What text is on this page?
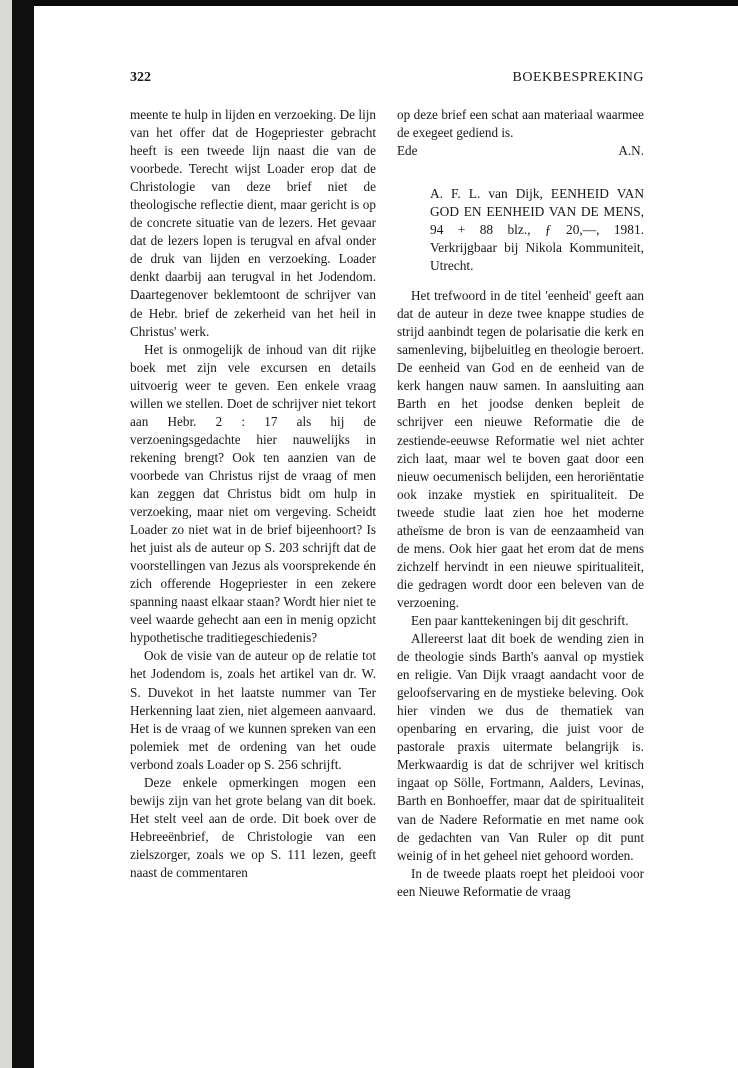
322	BOEKBESPREKING

meente te hulp in lijden en verzoeking. De lijn van het offer dat de Hogepriester gebracht heeft is een tweede lijn naast die van de voorbede. Terecht wijst Loader erop dat de Christologie van deze brief niet de theologische reflectie dient, maar gericht is op de concrete situatie van de lezers. Het gevaar dat de lezers lopen is terugval en afval onder de druk van lijden en verzoeking. Loader denkt daarbij aan terugval in het Jodendom. Daartegenover beklemtoont de schrijver van de Hebr. brief de zekerheid van het heil in Christus' werk.

Het is onmogelijk de inhoud van dit rijke boek met zijn vele excursen en details uitvoerig weer te geven. Een enkele vraag willen we stellen. Doet de schrijver niet tekort aan Hebr. 2 : 17 als hij de verzoeningsgedachte hier nauwelijks in rekening brengt? Ook ten aanzien van de voorbede van Christus rijst de vraag of men kan zeggen dat Christus bidt om hulp in verzoeking, maar niet om vergeving. Scheidt Loader zo niet wat in de brief bijeenhoort? Is het juist als de auteur op S. 203 schrijft dat de voorstellingen van Jezus als voorsprekende én zich offerende Hogepriester in een zekere spanning naast elkaar staan? Wordt hier niet te veel waarde gehecht aan een in menig opzicht hypothetische traditiegeschiedenis?

Ook de visie van de auteur op de relatie tot het Jodendom is, zoals het artikel van dr. W. S. Duvekot in het laatste nummer van Ter Herkenning laat zien, niet algemeen aanvaard. Het is de vraag of we kunnen spreken van een polemiek met de ordening van het oude verbond zoals Loader op S. 256 schrijft.

Deze enkele opmerkingen mogen een bewijs zijn van het grote belang van dit boek. Het stelt veel aan de orde. Dit boek over de Hebreeënbrief, de Christologie van een zielszorger, zoals we op S. 111 lezen, geeft naast de commentaren

op deze brief een schat aan materiaal waarmee de exegeet gediend is.

Ede	A.N.

A. F. L. van Dijk, EENHEID VAN GOD EN EENHEID VAN DE MENS, 94 + 88 blz., ƒ 20,—, 1981. Verkrijgbaar bij Nikola Kommuniteit, Utrecht.

Het trefwoord in de titel 'eenheid' geeft aan dat de auteur in deze twee knappe studies de strijd aanbindt tegen de polarisatie die kerk en samenleving, bijbeluitleg en theologie beroert. De eenheid van God en de eenheid van de kerk hangen nauw samen. In aansluiting aan Barth en het joodse denken bepleit de schrijver een nieuwe Reformatie die de zestiende-eeuwse Reformatie wel niet achter zich laat, maar wel te boven gaat door een nieuw oecumenisch belijden, een heroriëntatie ook inzake mystiek en spiritualiteit. De tweede studie laat zien hoe het moderne atheïsme de bron is van de eenzaamheid van de mens. Ook hier gaat het erom dat de mens zichzelf hervindt in een nieuwe spiritualiteit, die gedragen wordt door een beleven van de verzoening.

Een paar kanttekeningen bij dit geschrift.

Allereerst laat dit boek de wending zien in de theologie sinds Barth's aanval op mystiek en religie. Van Dijk vraagt aandacht voor de geloofservaring en de mystieke beleving. Ook hier vinden we dus de thematiek van openbaring en ervaring, die juist voor de pastorale praxis uitermate belangrijk is. Merkwaardig is dat de schrijver wel kritisch ingaat op Sölle, Fortmann, Aalders, Levinas, Barth en Bonhoeffer, maar dat de spiritualiteit van de Nadere Reformatie en met name ook de gedachten van Van Ruler op dit punt weinig of in het geheel niet gehoord worden.

In de tweede plaats roept het pleidooi voor een Nieuwe Reformatie de vraag
